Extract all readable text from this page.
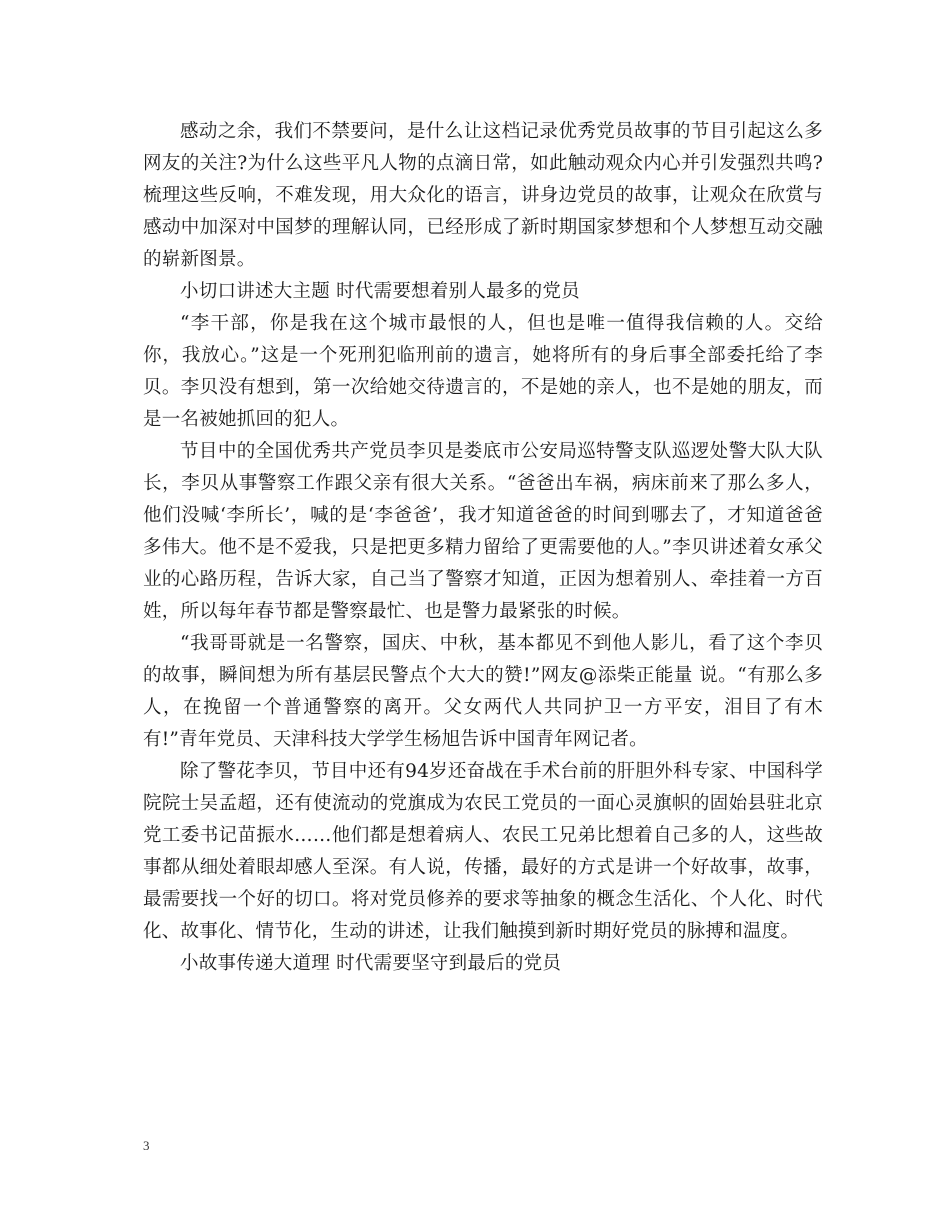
感动之余，我们不禁要问，是什么让这档记录优秀党员故事的节目引起这么多网友的关注?为什么这些平凡人物的点滴日常，如此触动观众内心并引发强烈共鸣?梳理这些反响，不难发现，用大众化的语言，讲身边党员的故事，让观众在欣赏与感动中加深对中国梦的理解认同，已经形成了新时期国家梦想和个人梦想互动交融的崭新图景。

小切口讲述大主题 时代需要想着别人最多的党员

“李干部，你是我在这个城市最恨的人，但也是唯一值得我信赖的人。交给你，我放心。”这是一个死刑犯临刑前的遗言，她将所有的身后事全部委托给了李贝。李贝没有想到，第一次给她交待遗言的，不是她的亲人，也不是她的朋友，而是一名被她抓回的犯人。

节目中的全国优秀共产党员李贝是娄底市公安局巡特警支队巡逻处警大队大队长，李贝从事警察工作跟父亲有很大关系。“爸爸出车祸，病床前来了那么多人，他们没喊‘李所长’，喊的是‘李爸爸’，我才知道爸爸的时间到哪去了，才知道爸爸多伟大。他不是不爱我，只是把更多精力留给了更需要他的人。”李贝讲述着女承父业的心路历程，告诉大家，自己当了警察才知道，正因为想着别人、牵挂着一方百姓，所以每年春节都是警察最忙、也是警力最紧张的时候。

“我哥哥就是一名警察，国庆、中秋，基本都见不到他人影儿，看了这个李贝的故事，瞬间想为所有基层民警点个大大的赞!”网友@添柴正能量 说。“有那么多人，在挽留一个普通警察的离开。父女两代人共同护卫一方平安，泪目了有木有!”青年党员、天津科技大学学生杨旭告诉中国青年网记者。

除了警花李贝，节目中还有94岁还奋战在手术台前的肝胆外科专家、中国科学院院士吴孟超，还有使流动的党旗成为农民工党员的一面心灵旗帜的固始县驻北京党工委书记苗振水……他们都是想着病人、农民工兄弟比想着自己多的人，这些故事都从细处着眼却感人至深。有人说，传播，最好的方式是讲一个好故事，故事，最需要找一个好的切口。将对党员修养的要求等抽象的概念生活化、个人化、时代化、故事化、情节化，生动的讲述，让我们触摸到新时期好党员的脉搏和温度。

小故事传递大道理 时代需要坚守到最后的党员

3
